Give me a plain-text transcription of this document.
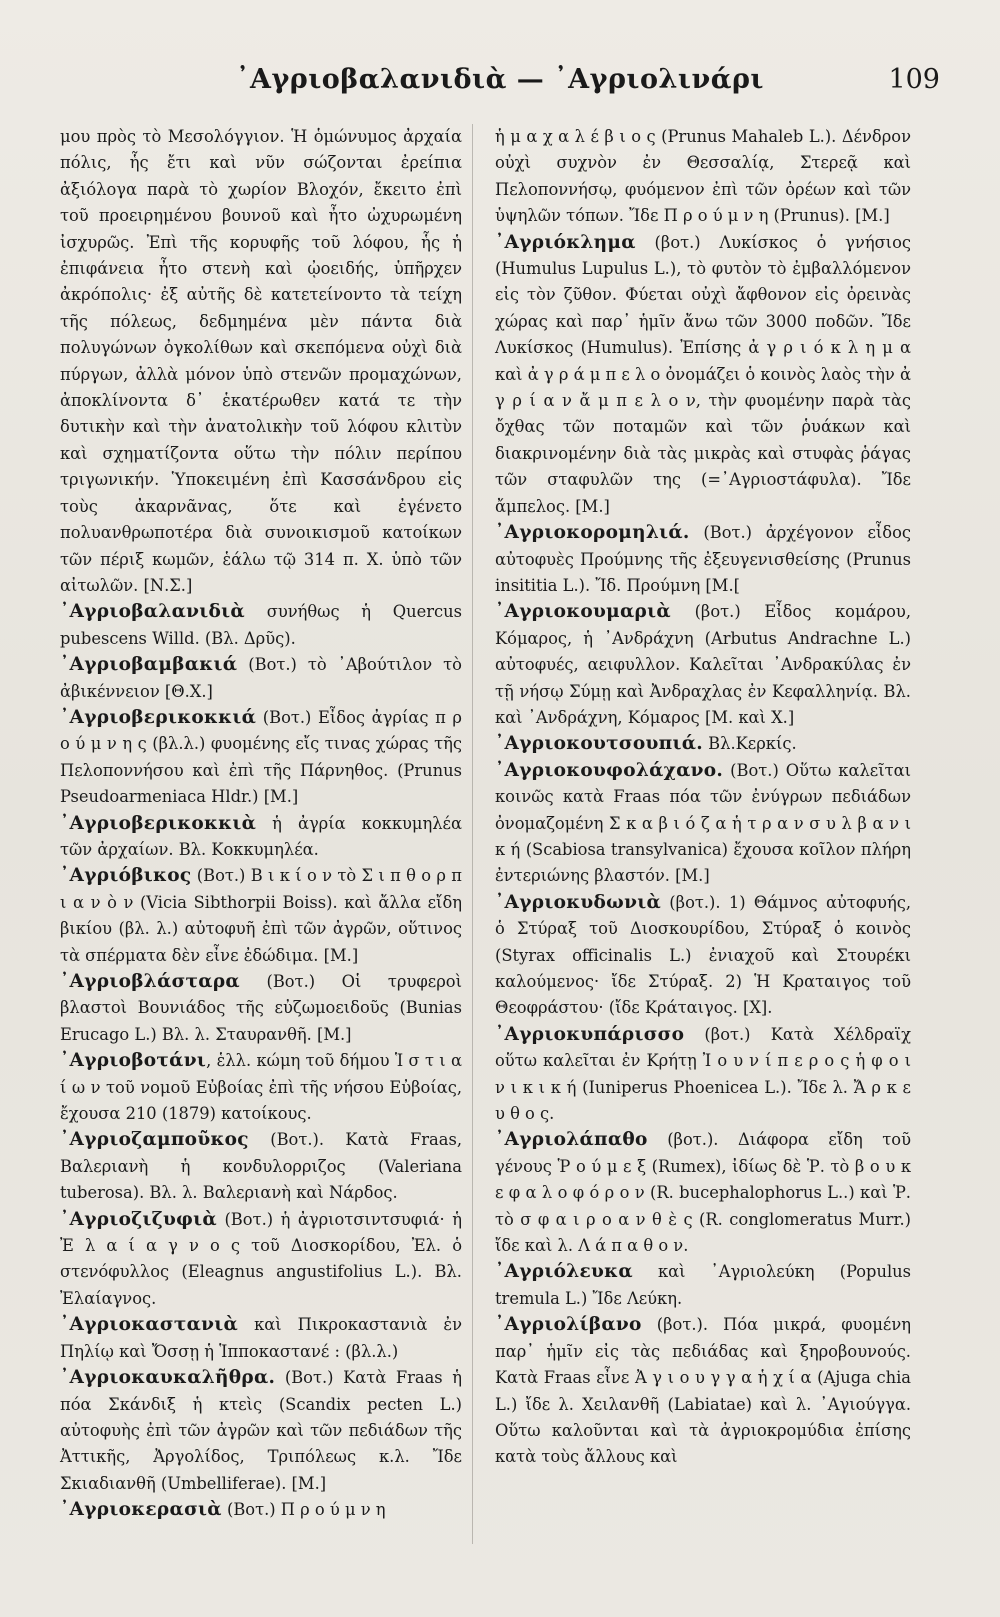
᾿Αγριοβαλανιδιὰ — ᾿Αγριολινάρι	109

μου πρὸς τὸ Μεσολόγγιον. Ἡ ὁμώνυμος ἀρχαία πόλις, ἧς ἔτι καὶ νῦν σώζονται ἐρείπια ἀξιόλογα παρὰ τὸ χωρίον Βλοχόν, ἔκειτο ἐπὶ τοῦ προειρημένου βουνοῦ καὶ ἦτο ὠχυρωμένη ἰσχυρῶς. Ἐπὶ τῆς κορυφῆς τοῦ λόφου, ἧς ἡ ἐπιφάνεια ἦτο στενὴ καὶ ᾠοειδής, ὑπῆρχεν ἀκρόπολις· ἐξ αὐτῆς δὲ κατετείνοντο τὰ τείχη τῆς πόλεως, δεδμημένα μὲν πάντα διὰ πολυγώνων ὀγκολίθων καὶ σκεπόμενα οὐχὶ διὰ πύργων, ἀλλὰ μόνον ὑπὸ στενῶν προμαχώνων, ἀποκλίνοντα δ᾿ ἑκατέρωθεν κατά τε τὴν δυτικὴν καὶ τὴν ἀνατολικὴν τοῦ λόφου κλιτὺν καὶ σχηματίζοντα οὕτω τὴν πόλιν περίπου τριγωνικήν. Ὑποκειμένη ἐπὶ Κασσάνδρου εἰς τοὺς ἀκαρνᾶνας, ὅτε καὶ ἐγένετο πολυανθρωποτέρα διὰ συνοικισμοῦ κατοίκων τῶν πέριξ κωμῶν, ἑάλω τῷ 314 π. Χ. ὑπὸ τῶν αἰτωλῶν. [Ν.Σ.]

᾿Αγριοβαλανιδιὰ συνήθως ἡ Quercus pubescens Willd. (Βλ. Δρῦς).

᾿Αγριοβαμβακιά (Βοτ.) τὸ ᾿Αβούτιλον τὸ ἀβικέννειον [Θ.Χ.]

᾿Αγριοβερικοκκιά (Βοτ.) Εἶδος ἀγρίας π ρ ο ύ μ ν η ς (βλ.λ.) φυομένης εἴς τινας χώρας τῆς Πελοποννήσου καὶ ἐπὶ τῆς Πάρνηθος. (Prunus Pseudoarmeniaca Hldr.) [Μ.]

᾿Αγριοβερικοκκιὰ ἡ ἀγρία κοκκυμηλέα τῶν ἀρχαίων. Βλ. Κοκκυμηλέα.

᾿Αγριόβικος (Βοτ.) Β ι κ ί ο ν τὸ Σ ι π θ ο ρ π ι α ν ὸ ν (Vicia Sibthorpii Boiss). καὶ ἄλλα εἴδη βικίου (βλ. λ.) αὐτοφυῆ ἐπὶ τῶν ἀγρῶν, οὕτινος τὰ σπέρματα δὲν εἶνε ἐδώδιμα. [Μ.]

᾿Αγριοβλάσταρα (Βοτ.) Οἱ τρυφεροὶ βλαστοὶ Βουνιάδος τῆς εὐζωμοειδοῦς (Bunias Erucago L.) Βλ. λ. Σταυρανθῆ. [Μ.]

᾿Αγριοβοτάνι, ἑλλ. κώμη τοῦ δήμου Ἱ σ τ ι α ί ω ν τοῦ νομοῦ Εὐβοίας ἐπὶ τῆς νήσου Εὐβοίας, ἔχουσα 210 (1879) κατοίκους.

᾿Αγριοζαμποῦκος (Βοτ.). Κατὰ Fraas, Βαλεριανὴ ἡ κονδυλορριζος (Valeriana tuberosa). Βλ. λ. Βαλεριανὴ καὶ Νάρδος.

᾿Αγριοζιζυφιὰ (Βοτ.) ἡ ἀγριοτσιντσυφιά· ἡ Ἐ λ α ί α γ ν ο ς τοῦ Διοσκορίδου, Ἐλ. ὁ στενόφυλλος (Eleagnus angustifolius L.). Βλ. Ἐλαίαγνος.

᾿Αγριοκαστανιὰ καὶ Πικροκαστανιὰ ἐν Πηλίῳ καὶ Ὄσσῃ ἡ Ἱπποκαστανέ : (βλ.λ.)

᾿Αγριοκαυκαλῆθρα. (Βοτ.) Κατὰ Fraas ἡ πόα Σκάνδιξ ἡ κτεὶς (Scandix pecten L.) αὐτοφυὴς ἐπὶ τῶν ἀγρῶν καὶ τῶν πεδιάδων τῆς Ἀττικῆς, Ἀργολίδος, Τριπόλεως κ.λ. Ἴδε Σκιαδιανθῆ (Umbelliferae). [Μ.]

᾿Αγριοκερασιὰ (Βοτ.) Π ρ ο ύ μ ν η

ἡ μ α χ α λ έ β ι ο ς (Prunus Mahaleb L.). Δένδρον οὐχὶ συχνὸν ἐν Θεσσαλίᾳ, Στερεᾷ καὶ Πελοποννήσῳ, φυόμενον ἐπὶ τῶν ὀρέων καὶ τῶν ὑψηλῶν τόπων. Ἴδε Π ρ ο ύ μ ν η (Prunus). [Μ.]

᾿Αγριόκλημα (βοτ.) Λυκίσκος ὁ γνήσιος (Humulus Lupulus L.), τὸ φυτὸν τὸ ἐμβαλλόμενον εἰς τὸν ζῦθον. Φύεται οὐχὶ ἄφθονον εἰς ὀρεινὰς χώρας καὶ παρ᾿ ἡμῖν ἄνω τῶν 3000 ποδῶν. Ἴδε Λυκίσκος (Humulus). Ἐπίσης ἀ γ ρ ι ό κ λ η μ α καὶ ἀ γ ρ ά μ π ε λ ο ὀνομάζει ὁ κοινὸς λαὸς τὴν ἀ γ ρ ί α ν ἄ μ π ε λ ο ν, τὴν φυομένην παρὰ τὰς ὄχθας τῶν ποταμῶν καὶ τῶν ῥυάκων καὶ διακρινομένην διὰ τὰς μικρὰς καὶ στυφὰς ῥάγας τῶν σταφυλῶν της (=᾿Αγριοστάφυλα). Ἴδε ἄμπελος. [Μ.]

᾿Αγριοκορομηλιά. (Βοτ.) ἀρχέγονον εἶδος αὐτοφυὲς Προύμνης τῆς ἐξευγενισθείσης (Prunus insititia L.). Ἴδ. Προύμνη [Μ.[

᾿Αγριοκουμαριὰ (βοτ.) Εἶδος κομάρου, Κόμαρος, ἡ ᾿Ανδράχνη (Arbutus Andrachne L.) αὐτοφυές, αειφυλλον. Καλεῖται ᾿Ανδρακύλας ἐν τῇ νήσῳ Σύμῃ καὶ Ἀνδραχλας ἐν Κεφαλληνίᾳ. Βλ. καὶ ᾿Ανδράχνη, Κόμαρος [Μ. καὶ Χ.]

᾿Αγριοκουτσουπιά. Βλ.Κερκίς.

᾿Αγριοκουφολάχανο. (Βοτ.) Οὕτω καλεῖται κοινῶς κατὰ Fraas πόα τῶν ἐνύγρων πεδιάδων ὀνομαζομένη Σ κ α β ι ό ζ α ἡ τ ρ α ν σ υ λ β α ν ι κ ή (Scabiosa transylvanica) ἔχουσα κοῖλον πλήρη ἐντεριώνης βλαστόν. [Μ.]

᾿Αγριοκυδωνιὰ (βοτ.). 1) Θάμνος αὐτοφυής, ὁ Στύραξ τοῦ Διοσκουρίδου, Στύραξ ὁ κοινὸς (Styrax officinalis L.) ἐνιαχοῦ καὶ Στουρέκι καλούμενος· ἴδε Στύραξ. 2) Ἡ Κραταιγος τοῦ Θεοφράστου· (ἴδε Κράταιγος. [Χ].

᾿Αγριοκυπάρισσο (βοτ.) Κατὰ Χέλδραϊχ οὕτω καλεῖται ἐν Κρήτῃ Ἰ ο υ ν ί π ε ρ ο ς ἡ φ ο ι ν ι κ ι κ ή (Iuniperus Phoenicea L.). Ἴδε λ. Ἄ ρ κ ε υ θ ο ς.

᾿Αγριολάπαθο (βοτ.). Διάφορα εἴδη τοῦ γένους Ῥ ο ύ μ ε ξ (Rumex), ἰδίως δὲ Ῥ. τὸ β ο υ κ ε φ α λ ο φ ό ρ ο ν (R. bucephalophorus L..) καὶ Ῥ. τὸ σ φ α ι ρ ο α ν θ ὲ ς (R. conglomeratus Murr.) ἴδε καὶ λ. Λ ά π α θ ο ν.

᾿Αγριόλευκα καὶ ᾿Αγριολεύκη (Populus tremula L.) Ἴδε Λεύκη.

᾿Αγριολίβανο (βοτ.). Πόα μικρά, φυομένη παρ᾿ ἡμῖν εἰς τὰς πεδιάδας καὶ ξηροβουνούς. Κατὰ Fraas εἶνε Ἀ γ ι ο υ γ γ α ἡ χ ί α (Ajuga chia L.) ἴδε λ. Χειλανθῆ (Labiatae) καὶ λ. ᾿Αγιούγγα. Οὕτω καλοῦνται καὶ τὰ ἀγριοκρομύδια ἐπίσης κατὰ τοὺς ἄλλους καὶ
